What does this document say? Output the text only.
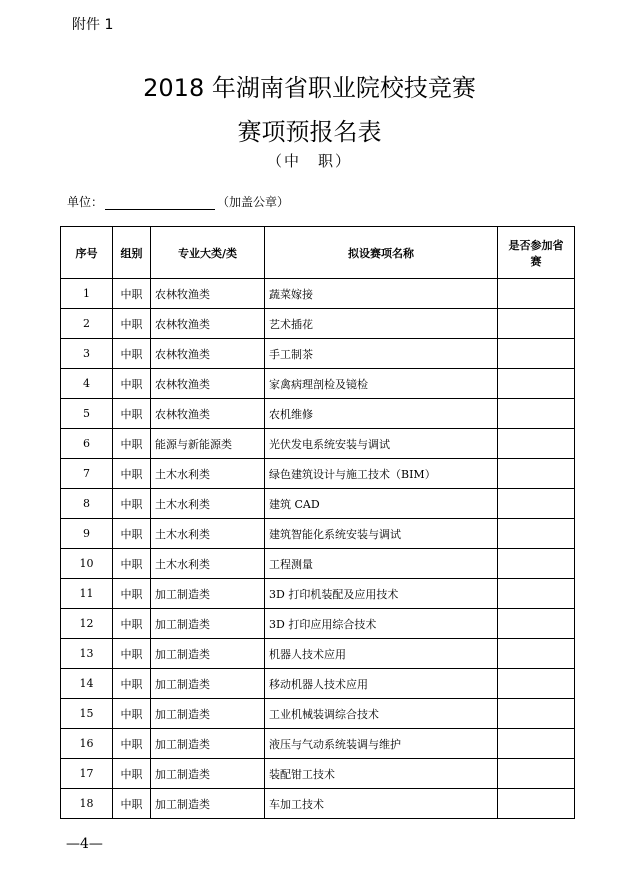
附件 1
2018 年湖南省职业院校技竞赛
赛项预报名表
（中　职）
单位：	（加盖公章）
序号	组别	专业大类/类	拟设赛项名称	是否参加省　　赛
1	中职	农林牧渔类	蔬菜嫁接	
2	中职	农林牧渔类	艺术插花	
3	中职	农林牧渔类	手工制茶	
4	中职	农林牧渔类	家禽病理剖检及镜检	
5	中职	农林牧渔类	农机维修	
6	中职	能源与新能源类	光伏发电系统安装与调试	
7	中职	土木水利类	绿色建筑设计与施工技术（BIM）	
8	中职	土木水利类	建筑 CAD	
9	中职	土木水利类	建筑智能化系统安装与调试	
10	中职	土木水利类	工程测量	
11	中职	加工制造类	3D 打印机装配及应用技术	
12	中职	加工制造类	3D 打印应用综合技术	
13	中职	加工制造类	机器人技术应用	
14	中职	加工制造类	移动机器人技术应用	
15	中职	加工制造类	工业机械装调综合技术	
16	中职	加工制造类	液压与气动系统装调与维护	
17	中职	加工制造类	装配钳工技术	
18	中职	加工制造类	车加工技术	
—4—
